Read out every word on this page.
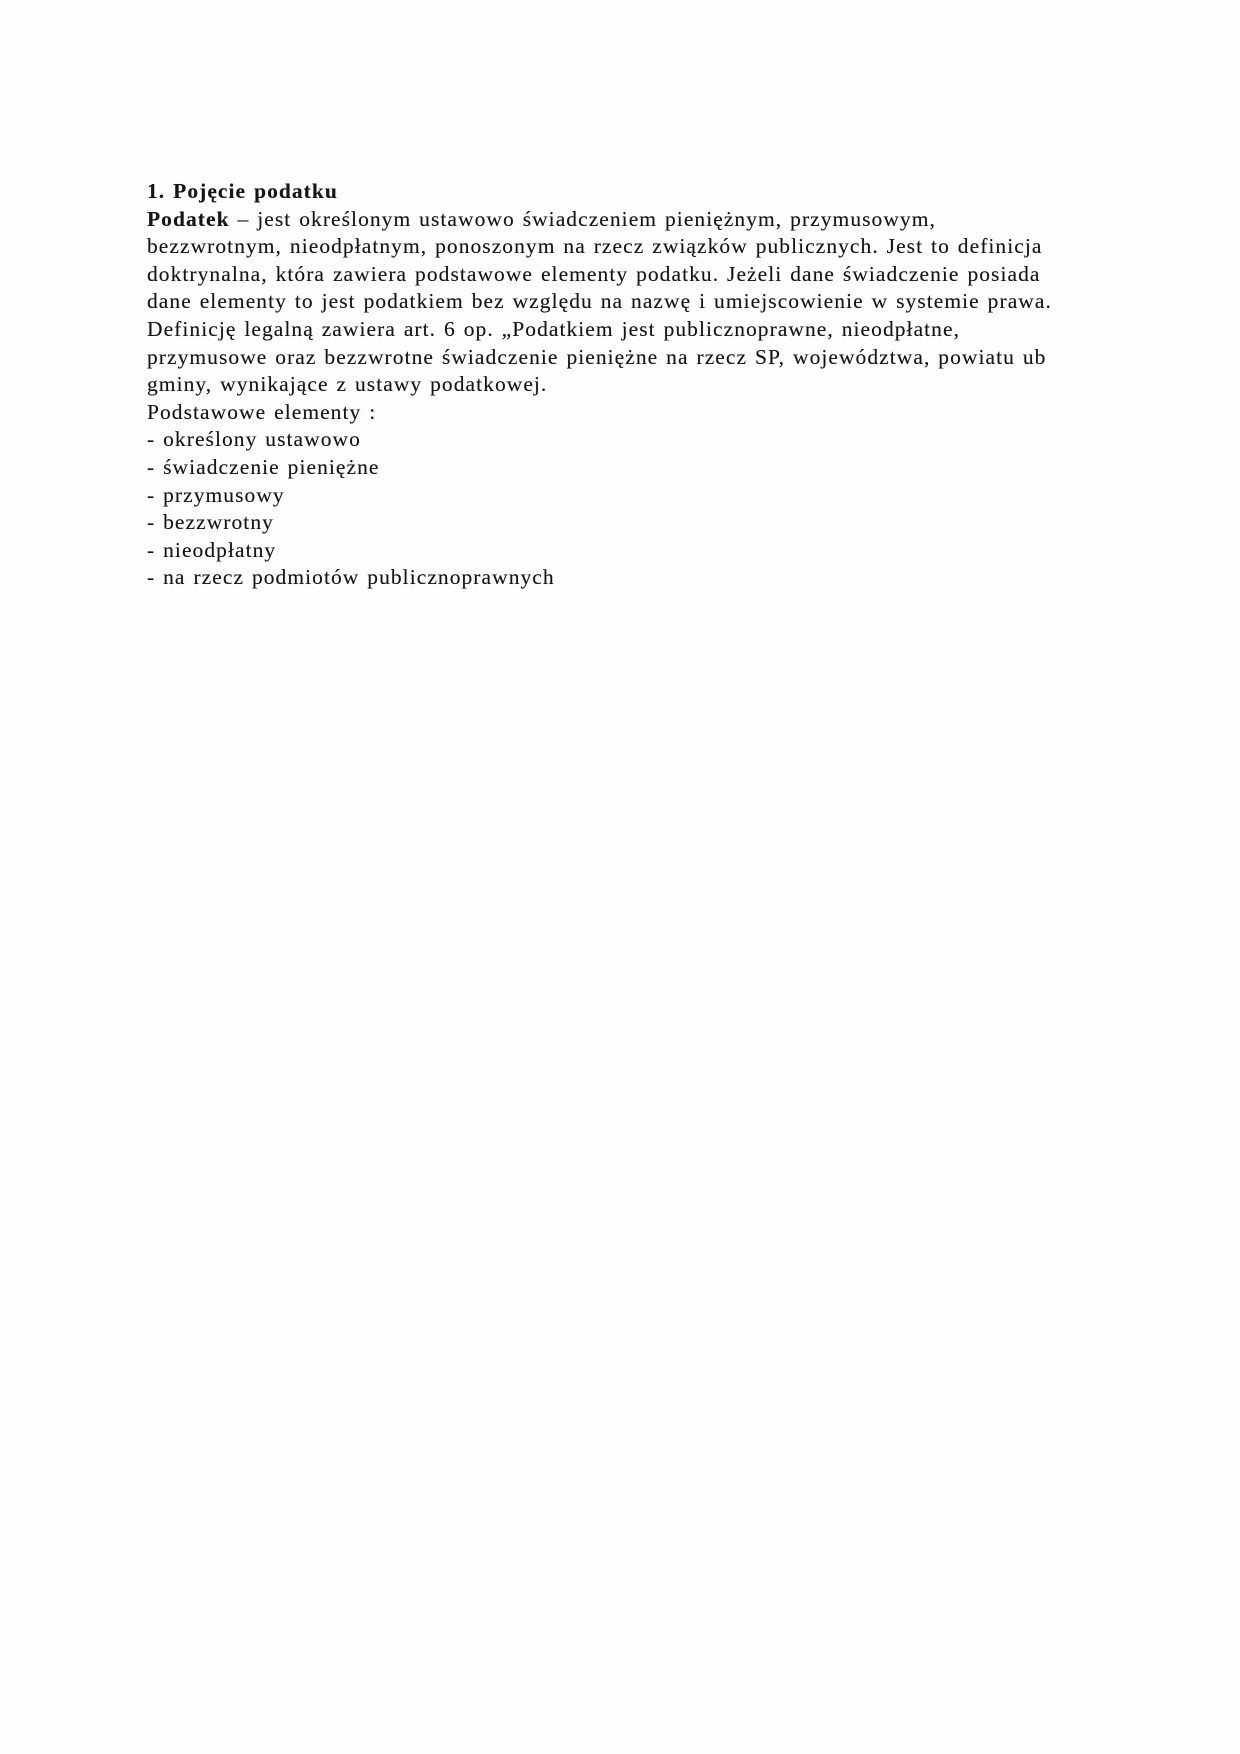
1. Pojęcie podatku
Podatek – jest określonym ustawowo świadczeniem pieniężnym, przymusowym,
bezzwrotnym, nieodpłatnym, ponoszonym na rzecz związków publicznych. Jest to definicja
doktrynalna, która zawiera podstawowe elementy podatku. Jeżeli dane świadczenie posiada
dane elementy to jest podatkiem bez względu na nazwę i umiejscowienie w systemie prawa.
Definicję legalną zawiera art. 6 op. „Podatkiem jest publicznoprawne, nieodpłatne,
przymusowe oraz bezzwrotne świadczenie pieniężne na rzecz SP, województwa, powiatu ub
gminy, wynikające z ustawy podatkowej.
Podstawowe elementy :
- określony ustawowo
- świadczenie pieniężne
- przymusowy
- bezzwrotny
- nieodpłatny
- na rzecz podmiotów publicznoprawnych
